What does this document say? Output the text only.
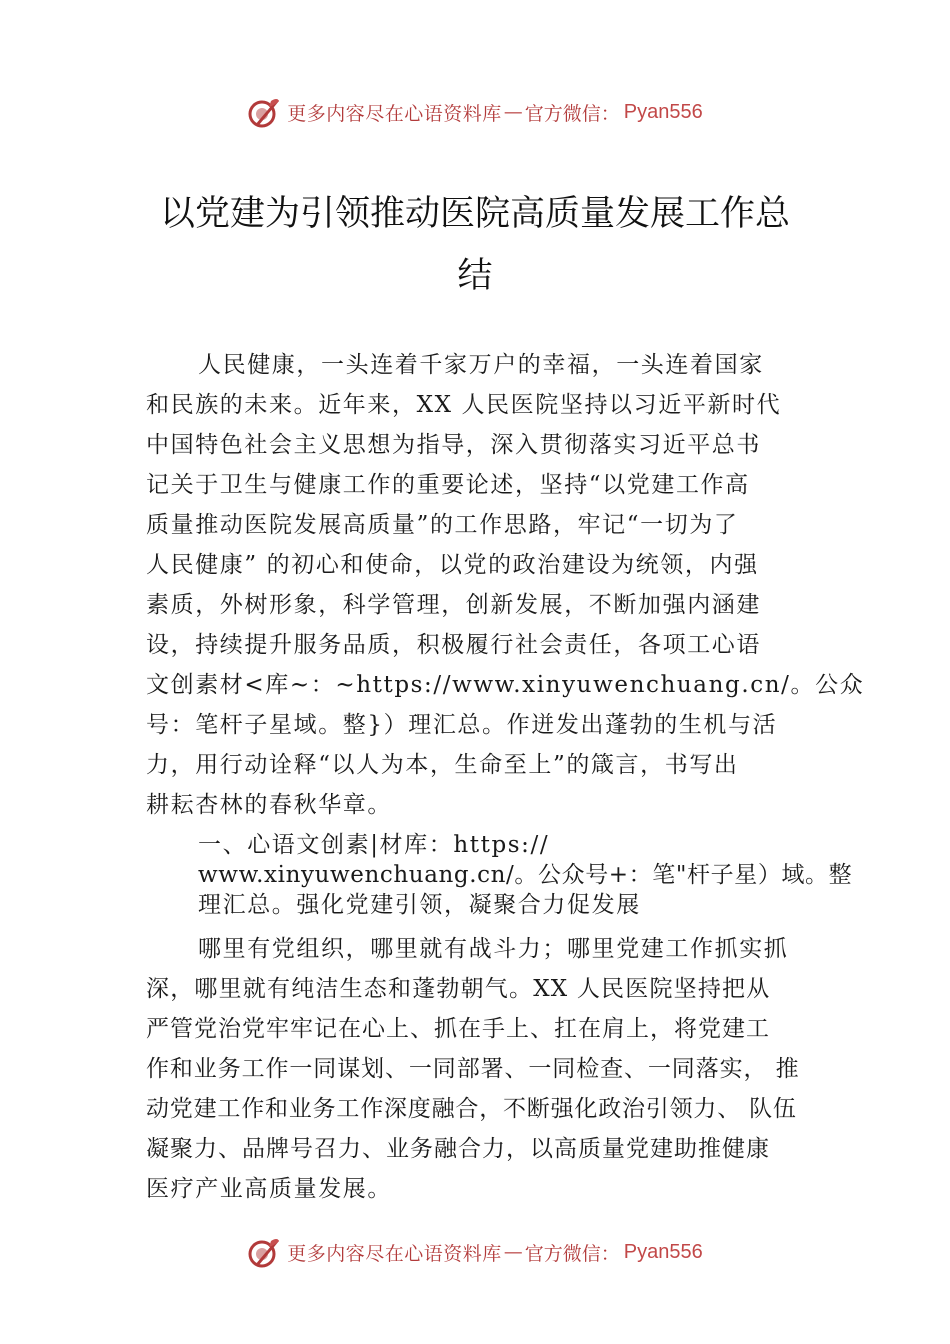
更多内容尽在心语资料库 — 官方微信： Pyan556
以党建为引领推动医院高质量发展工作总
结
人民健康，一头连着千家万户的幸福，一头连着国家
和民族的未来。近年来，XX 人民医院坚持以习近平新时代
中国特色社会主义思想为指导，深入贯彻落实习近平总书
记关于卫生与健康工作的重要论述，坚持“以党建工作高
质量推动医院发展高质量”的工作思路，牢记“一切为了
人民健康” 的初心和使命，以党的政治建设为统领，内强
素质，外树形象，科学管理，创新发展，不断加强内涵建
设，持续提升服务品质，积极履行社会责任，各项工心语
文创素材<库~：~https://www.xinyuwenchuang.cn/。公众
号：笔杆子星域。整}）理汇总。作迸发出蓬勃的生机与活
力，用行动诠释“以人为本，生命至上”的箴言，书写出
耕耘杏林的春秋华章。
一、心语文创素|材库：https://
www.xinyuwenchuang.cn/。公众号+：笔"杆子星）域。整
理汇总。强化党建引领，凝聚合力促发展
哪里有党组织，哪里就有战斗力；哪里党建工作抓实抓
深，哪里就有纯洁生态和蓬勃朝气。XX 人民医院坚持把从
严管党治党牢牢记在心上、抓在手上、扛在肩上，将党建工
作和业务工作一同谋划、一同部署、一同检查、一同落实， 推
动党建工作和业务工作深度融合，不断强化政治引领力、 队伍
凝聚力、品牌号召力、业务融合力，以高质量党建助推健康
医疗产业高质量发展。
更多内容尽在心语资料库 — 官方微信： Pyan556
